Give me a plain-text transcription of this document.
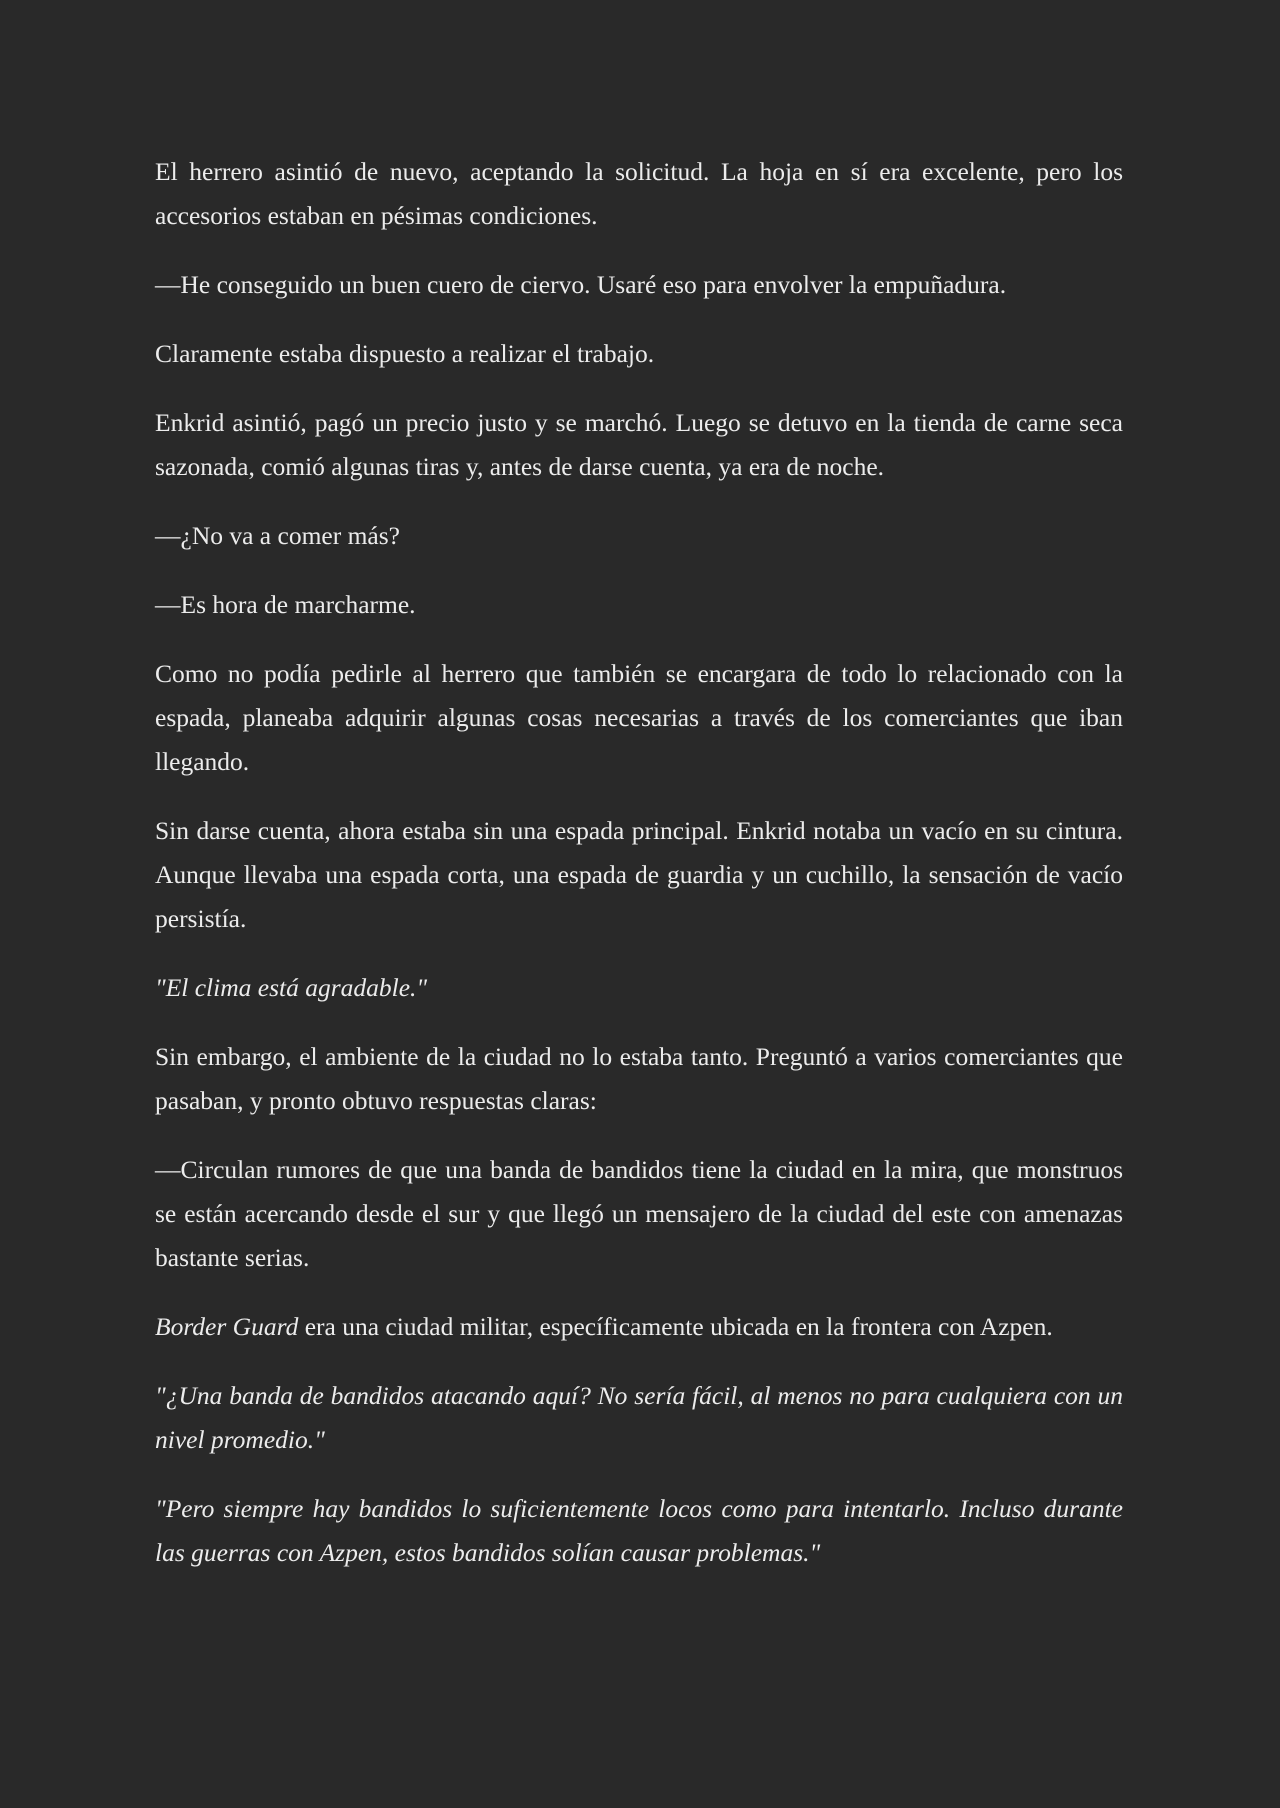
El herrero asintió de nuevo, aceptando la solicitud. La hoja en sí era excelente, pero los accesorios estaban en pésimas condiciones.

—He conseguido un buen cuero de ciervo. Usaré eso para envolver la empuñadura.

Claramente estaba dispuesto a realizar el trabajo.

Enkrid asintió, pagó un precio justo y se marchó. Luego se detuvo en la tienda de carne seca sazonada, comió algunas tiras y, antes de darse cuenta, ya era de noche.

—¿No va a comer más?

—Es hora de marcharme.

Como no podía pedirle al herrero que también se encargara de todo lo relacionado con la espada, planeaba adquirir algunas cosas necesarias a través de los comerciantes que iban llegando.

Sin darse cuenta, ahora estaba sin una espada principal. Enkrid notaba un vacío en su cintura. Aunque llevaba una espada corta, una espada de guardia y un cuchillo, la sensación de vacío persistía.

"El clima está agradable."

Sin embargo, el ambiente de la ciudad no lo estaba tanto. Preguntó a varios comerciantes que pasaban, y pronto obtuvo respuestas claras:

—Circulan rumores de que una banda de bandidos tiene la ciudad en la mira, que monstruos se están acercando desde el sur y que llegó un mensajero de la ciudad del este con amenazas bastante serias.

Border Guard era una ciudad militar, específicamente ubicada en la frontera con Azpen.

"¿Una banda de bandidos atacando aquí? No sería fácil, al menos no para cualquiera con un nivel promedio."

"Pero siempre hay bandidos lo suficientemente locos como para intentarlo. Incluso durante las guerras con Azpen, estos bandidos solían causar problemas."
